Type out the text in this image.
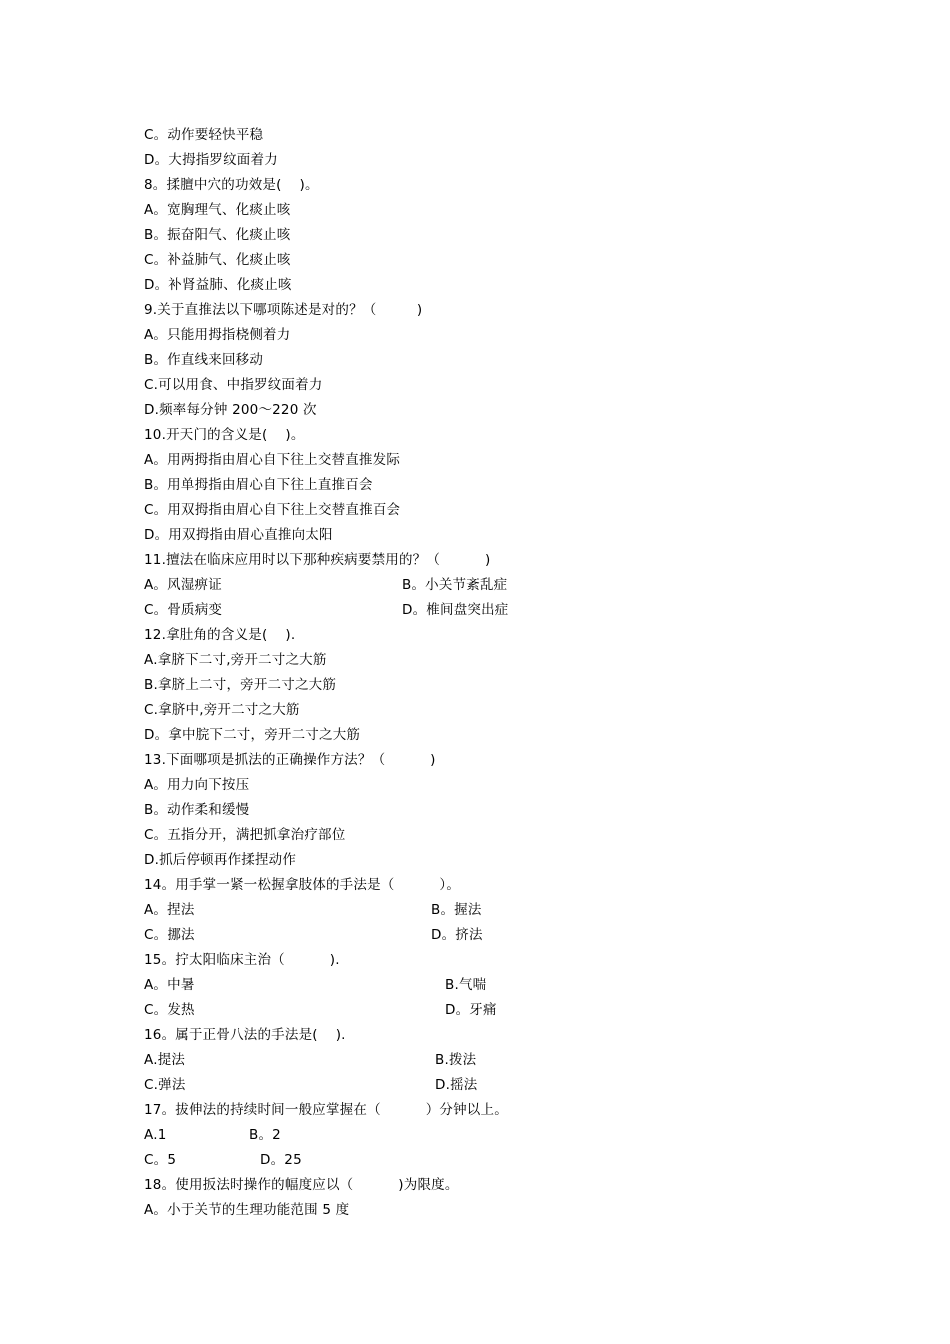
C。动作要轻快平稳
D。大拇指罗纹面着力
8。揉膻中穴的功效是(    )。
A。宽胸理气、化痰止咳
B。振奋阳气、化痰止咳
C。补益肺气、化痰止咳
D。补肾益肺、化痰止咳
9.关于直推法以下哪项陈述是对的？（         )
A。只能用拇指桡侧着力
B。作直线来回移动
C.可以用食、中指罗纹面着力
D.频率每分钟 200～220 次
10.开天门的含义是(    )。
A。用两拇指由眉心自下往上交替直推发际
B。用单拇指由眉心自下往上直推百会
C。用双拇指由眉心自下往上交替直推百会
D。用双拇指由眉心直推向太阳
11.擅法在临床应用时以下那种疾病要禁用的？（          )
A。风湿痹证	B。小关节紊乱症
C。骨质病变	D。椎间盘突出症
12.拿肚角的含义是(    ).
A.拿脐下二寸,旁开二寸之大筋
B.拿脐上二寸，旁开二寸之大筋
C.拿脐中,旁开二寸之大筋
D。拿中脘下二寸，旁开二寸之大筋
13.下面哪项是抓法的正确操作方法？（          )
A。用力向下按压
B。动作柔和缓慢
C。五指分开，满把抓拿治疗部位
D.抓后停顿再作揉捏动作
14。用手掌一紧一松握拿肢体的手法是（          ）。
A。捏法	B。握法
C。挪法	D。挤法
15。拧太阳临床主治（          ).
A。中暑	B.气喘
C。发热	D。牙痛
16。属于正骨八法的手法是(    ).
A.提法	B.拨法
C.弹法	D.摇法
17。拔伸法的持续时间一般应掌握在（          ）分钟以上。
A.1	B。2
C。5	D。25
18。使用扳法时操作的幅度应以（          )为限度。
A。小于关节的生理功能范围 5 度
